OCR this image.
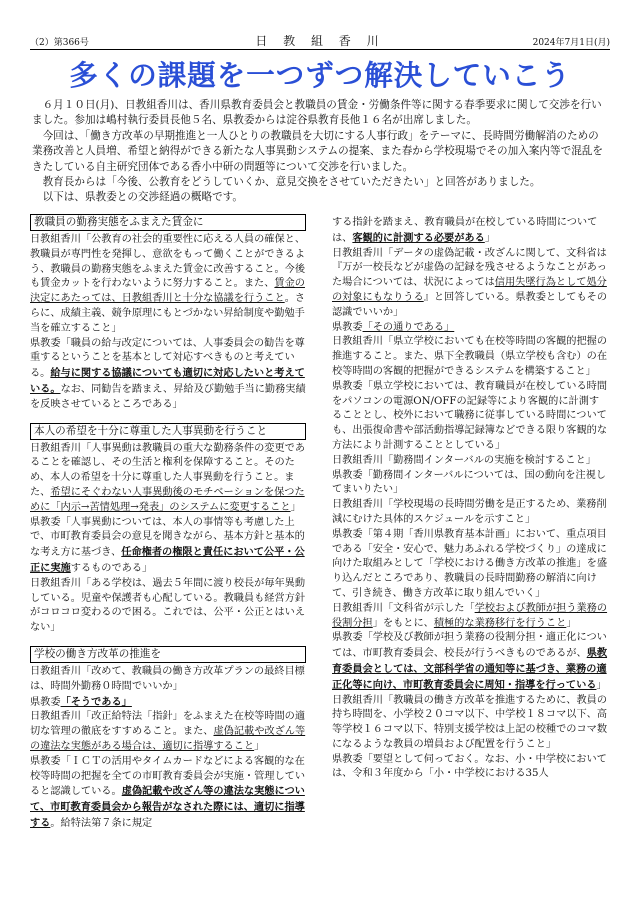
（2）第366号	日 教 組 香 川	2024年7月1日(月)
多くの課題を一つずつ解決していこう

６月１０日(月)、日教組香川は、香川県教育委員会と教職員の賃金・労働条件等に関する春季要求に関して交渉を行いました。参加は嶋村執行委員長他５名、県教委からは淀谷県教育長他１６名が出席しました。

今回は、「働き方改革の早期推進と一人ひとりの教職員を大切にする人事行政」をテーマに、長時間労働解消のための業務改善と人員増、希望と納得ができる新たな人事異動システムの提案、また春から学校現場でその加入案内等で混乱をきたしている自主研究団体である香小中研の問題等について交渉を行いました。

教育長からは「今後、公教育をどうしていくか、意見交換をさせていただきたい」と回答がありました。

以下は、県教委との交渉経過の概略です。

教職員の勤務実態をふまえた賃金に

日教組香川「公教育の社会的重要性に応える人員の確保と、教職員が専門性を発揮し、意欲をもって働くことができるよう、教職員の勤務実態をふまえた賃金に改善すること。今後も賃金カットを行わないように努力すること。また、賃金の決定にあたっては、日教組香川と十分な協議を行うこと。さらに、成績主義、競争原理にもとづかない昇給制度や勤勉手当を確立すること」

県教委「職員の給与改定については、人事委員会の勧告を尊重するということを基本として対応すべきものと考えている。給与に関する協議についても適切に対応したいと考えている。なお、同勧告を踏まえ、昇給及び勤勉手当に勤務実績を反映させているところである」

本人の希望を十分に尊重した人事異動を行うこと

日教組香川「人事異動は教職員の重大な勤務条件の変更であることを確認し、その生活と権利を保障すること。そのため、本人の希望を十分に尊重した人事異動を行うこと。また、希望にそぐわない人事異動後のモチベーションを保つために「内示→苦情処理→発表」のシステムに変更すること」

県教委「人事異動については、本人の事情等も考慮した上で、市町教育委員会の意見を聞きながら、基本方針と基本的な考え方に基づき、任命権者の権限と責任において公平・公正に実施するものである」

日教組香川「ある学校は、過去５年間に渡り校長が毎年異動している。児童や保護者も心配している。教職員も経営方針がコロコロ変わるので困る。これでは、公平・公正とはいえない」

学校の働き方改革の推進を

日教組香川「改めて、教職員の働き方改革プランの最終目標は、時間外勤務０時間でいいか」

県教委「そうである」

日教組香川「改正給特法「指針」をふまえた在校等時間の適切な管理の徹底をすすめること。また、虚偽記載や改ざん等の違法な実態がある場合は、適切に指導すること」

県教委「ＩＣＴの活用やタイムカードなどによる客観的な在校等時間の把握を全ての市町教育委員会が実施・管理していると認識している。虚偽記載や改ざん等の違法な実態について、市町教育委員会から報告がなされた際には、適切に指導する。給特法第７条に規定

する指針を踏まえ、教育職員が在校している時間については、客観的に計測する必要がある」

日教組香川「データの虚偽記載・改ざんに関して、文科省は『万が一校長などが虚偽の記録を残させるようなことがあった場合については、状況によっては信用失墜行為として処分の対象にもなりうる』と回答している。県教委としてもその認識でいいか」

県教委「その通りである」

日教組香川「県立学校においても在校等時間の客観的把握の推進すること。また、県下全教職員（県立学校も含む）の在校等時間の客観的把握ができるシステムを構築すること」

県教委「県立学校においては、教育職員が在校している時間をパソコンの電源ON/OFFの記録等により客観的に計測することとし、校外において職務に従事している時間についても、出張復命書や部活動指導記録簿などできる限り客観的な方法により計測することとしている」

日教組香川「勤務間インターバルの実施を検討すること」

県教委「勤務間インターバルについては、国の動向を注視してまいりたい」

日教組香川「学校現場の長時間労働を是正するため、業務削減にむけた具体的スケジュールを示すこと」

県教委「第４期「香川県教育基本計画」において、重点項目である「安全・安心で、魅力あふれる学校づくり」の達成に向けた取組みとして「学校における働き方改革の推進」を盛り込んだところであり、教職員の長時間勤務の解消に向けて、引き続き、働き方改革に取り組んでいく」

日教組香川「文科省が示した「学校および教師が担う業務の役割分担」をもとに、積極的な業務移行を行うこと」

県教委「学校及び教師が担う業務の役割分担・適正化については、市町教育委員会、校長が行うべきものであるが、県教育委員会としては、文部科学省の通知等に基づき、業務の適正化等に向け、市町教育委員会に周知・指導を行っている」

日教組香川「教職員の働き方改革を推進するために、教員の持ち時間を、小学校２０コマ以下、中学校１８コマ以下、高等学校１６コマ以下、特別支援学校は上記の校種でのコマ数になるような教員の増員および配置を行うこと」

県教委「要望として伺っておく。なお、小・中学校においては、令和３年度から「小・中学校における35人
